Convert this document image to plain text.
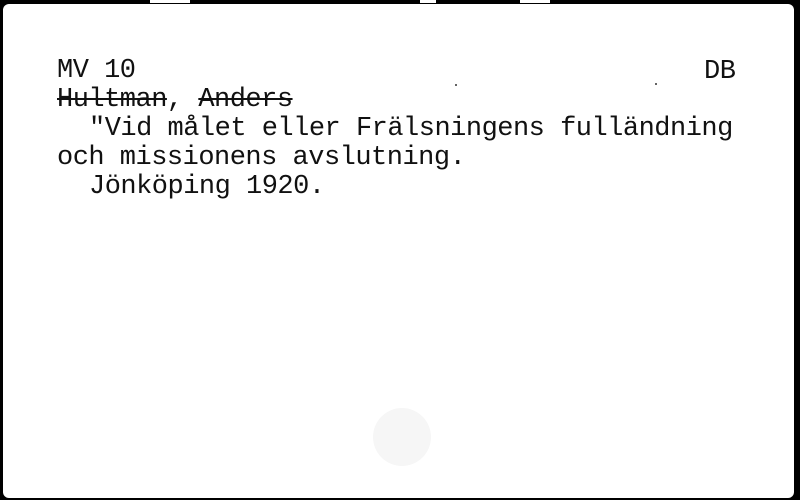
MV 10	DB
Hultman, Anders
"Vid målet eller Frälsningens fulländning
och missionens avslutning.
Jönköping 1920.
